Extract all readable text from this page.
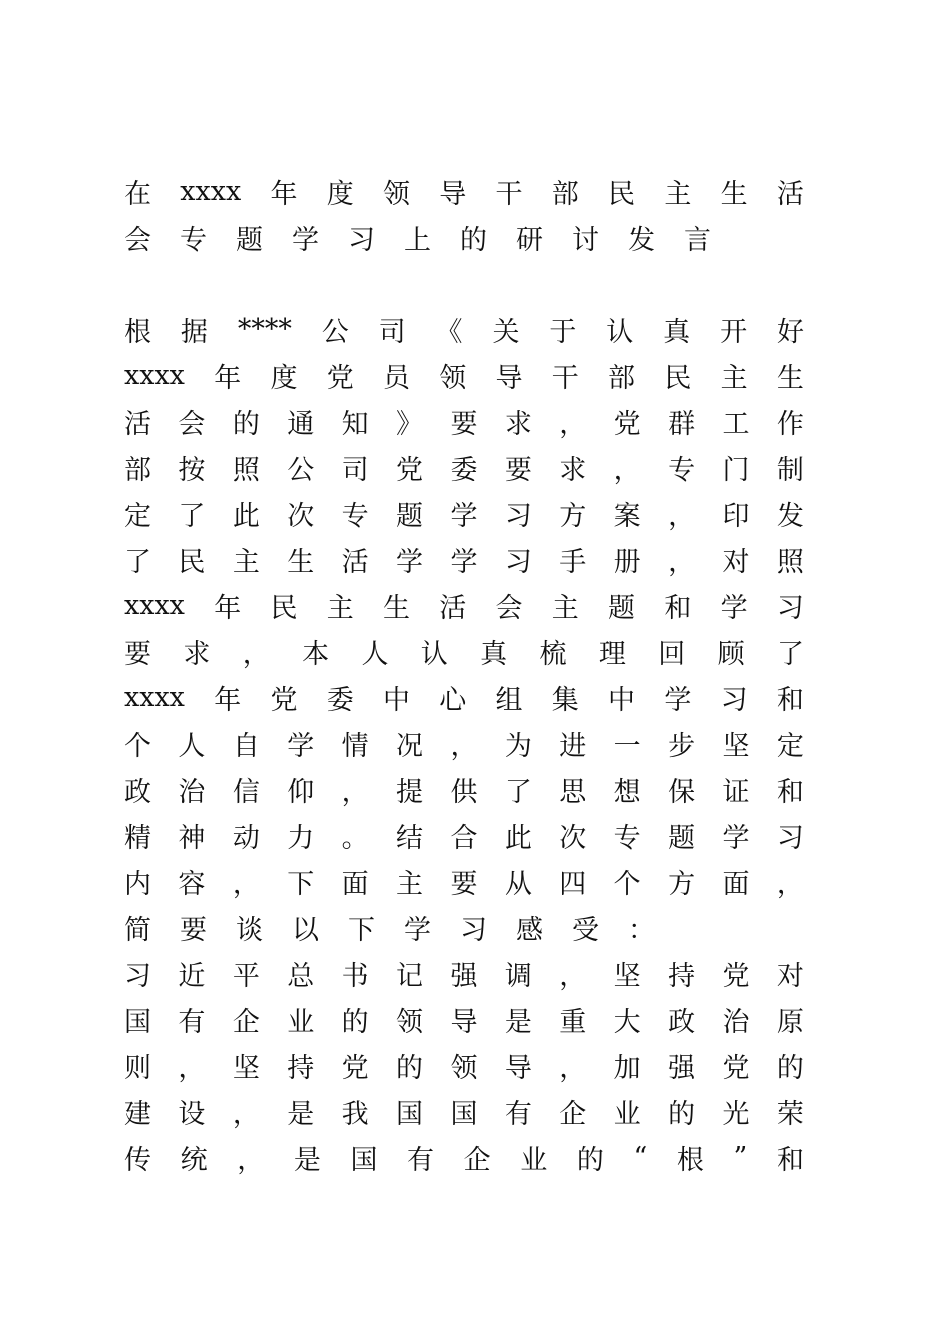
在 xxxx 年 度 领 导 干 部 民 主 生 活
会 专 题 学 习 上 的 研 讨 发 言
根 据 **** 公 司 《 关 于 认 真 开 好
xxxx 年 度 党 员 领 导 干 部 民 主 生
活 会 的 通 知 》 要 求 ， 党 群 工 作
部 按 照 公 司 党 委 要 求 ， 专 门 制
定 了 此 次 专 题 学 习 方 案 ， 印 发
了 民 主 生 活 学 学 习 手 册 ， 对 照
xxxx 年 民 主 生 活 会 主 题 和 学 习
要 求 ， 本 人 认 真 梳 理 回 顾 了
xxxx 年 党 委 中 心 组 集 中 学 习 和
个 人 自 学 情 况 ， 为 进 一 步 坚 定
政 治 信 仰 ， 提 供 了 思 想 保 证 和
精 神 动 力 。 结 合 此 次 专 题 学 习
内 容 ， 下 面 主 要 从 四 个 方 面 ，
简 要 谈 以 下 学 习 感 受 ：
习 近 平 总 书 记 强 调 ， 坚 持 党 对
国 有 企 业 的 领 导 是 重 大 政 治 原
则 ， 坚 持 党 的 领 导 ， 加 强 党 的
建 设 ， 是 我 国 国 有 企 业 的 光 荣
传 统 ， 是 国 有 企 业 的 “ 根 ” 和
